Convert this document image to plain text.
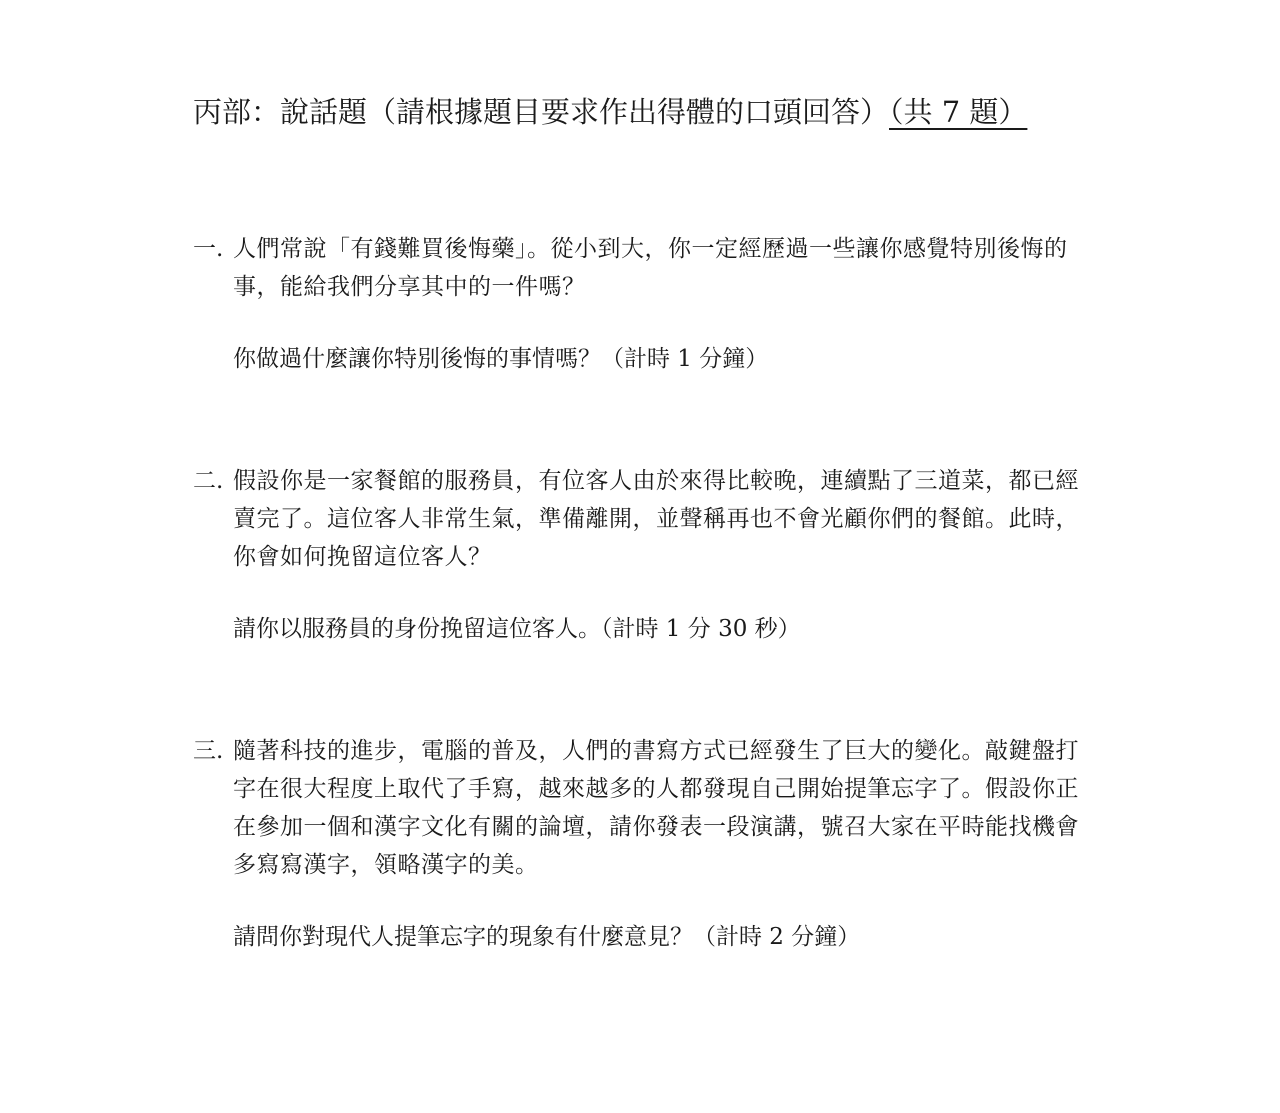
丙部：說話題（請根據題目要求作出得體的口頭回答）（共 7 題）
一. 人們常說「有錢難買後悔藥」。從小到大，你一定經歷過一些讓你感覺特別後悔的事，能給我們分享其中的一件嗎？
你做過什麼讓你特別後悔的事情嗎？（計時 1 分鐘）
二. 假設你是一家餐館的服務員，有位客人由於來得比較晚，連續點了三道菜，都已經賣完了。這位客人非常生氣，準備離開，並聲稱再也不會光顧你們的餐館。此時，你會如何挽留這位客人？
請你以服務員的身份挽留這位客人。（計時 1 分 30 秒）
三. 隨著科技的進步，電腦的普及，人們的書寫方式已經發生了巨大的變化。敲鍵盤打字在很大程度上取代了手寫，越來越多的人都發現自己開始提筆忘字了。假設你正在參加一個和漢字文化有關的論壇，請你發表一段演講，號召大家在平時能找機會多寫寫漢字，領略漢字的美。
請問你對現代人提筆忘字的現象有什麼意見？（計時 2 分鐘）
